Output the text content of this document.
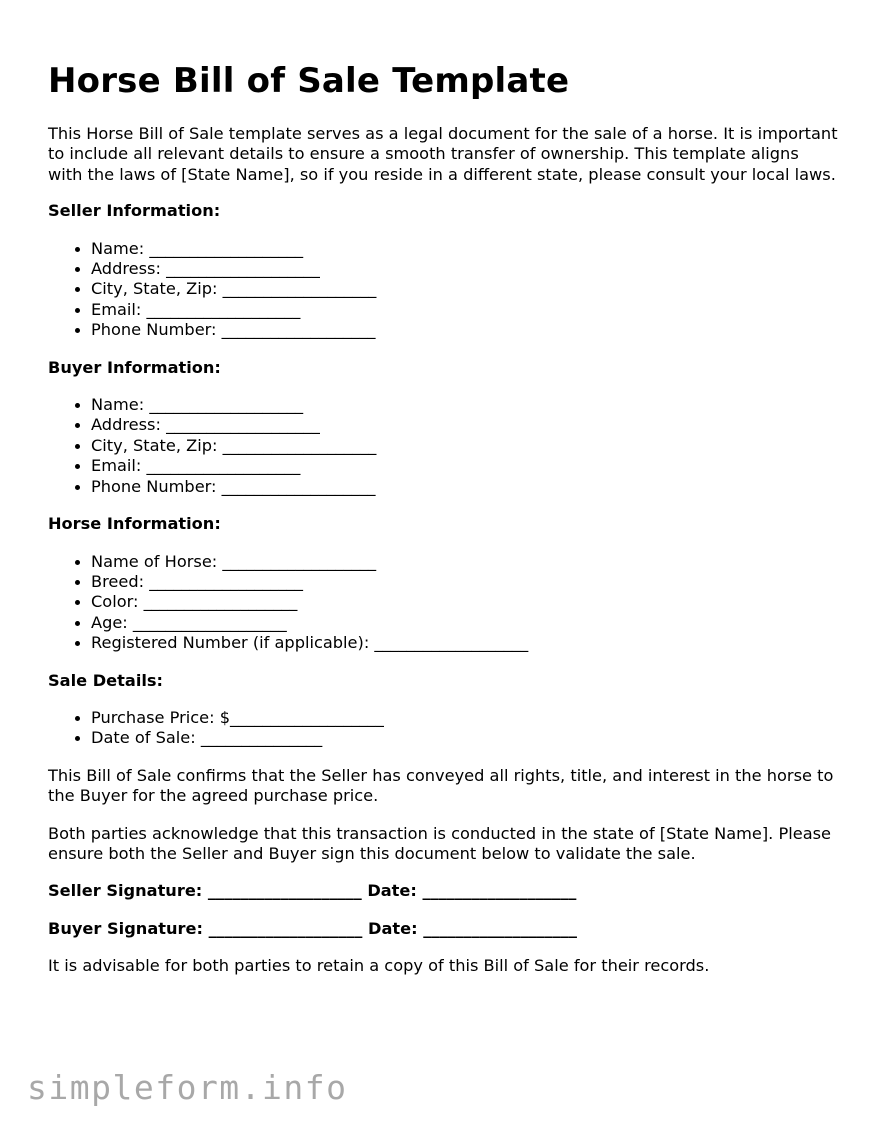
Horse Bill of Sale Template

This Horse Bill of Sale template serves as a legal document for the sale of a horse. It is important to include all relevant details to ensure a smooth transfer of ownership. This template aligns with the laws of [State Name], so if you reside in a different state, please consult your local laws.

Seller Information:
Name: ___________________
Address: ___________________
City, State, Zip: ___________________
Email: ___________________
Phone Number: ___________________
Buyer Information:
Name: ___________________
Address: ___________________
City, State, Zip: ___________________
Email: ___________________
Phone Number: ___________________
Horse Information:
Name of Horse: ___________________
Breed: ___________________
Color: ___________________
Age: ___________________
Registered Number (if applicable): ___________________
Sale Details:
Purchase Price: $___________________
Date of Sale: _______________

This Bill of Sale confirms that the Seller has conveyed all rights, title, and interest in the horse to the Buyer for the agreed purchase price.

Both parties acknowledge that this transaction is conducted in the state of [State Name]. Please ensure both the Seller and Buyer sign this document below to validate the sale.

Seller Signature: ___________________ Date: ___________________
Buyer Signature: ___________________ Date: ___________________

It is advisable for both parties to retain a copy of this Bill of Sale for their records.

simpleform.info
